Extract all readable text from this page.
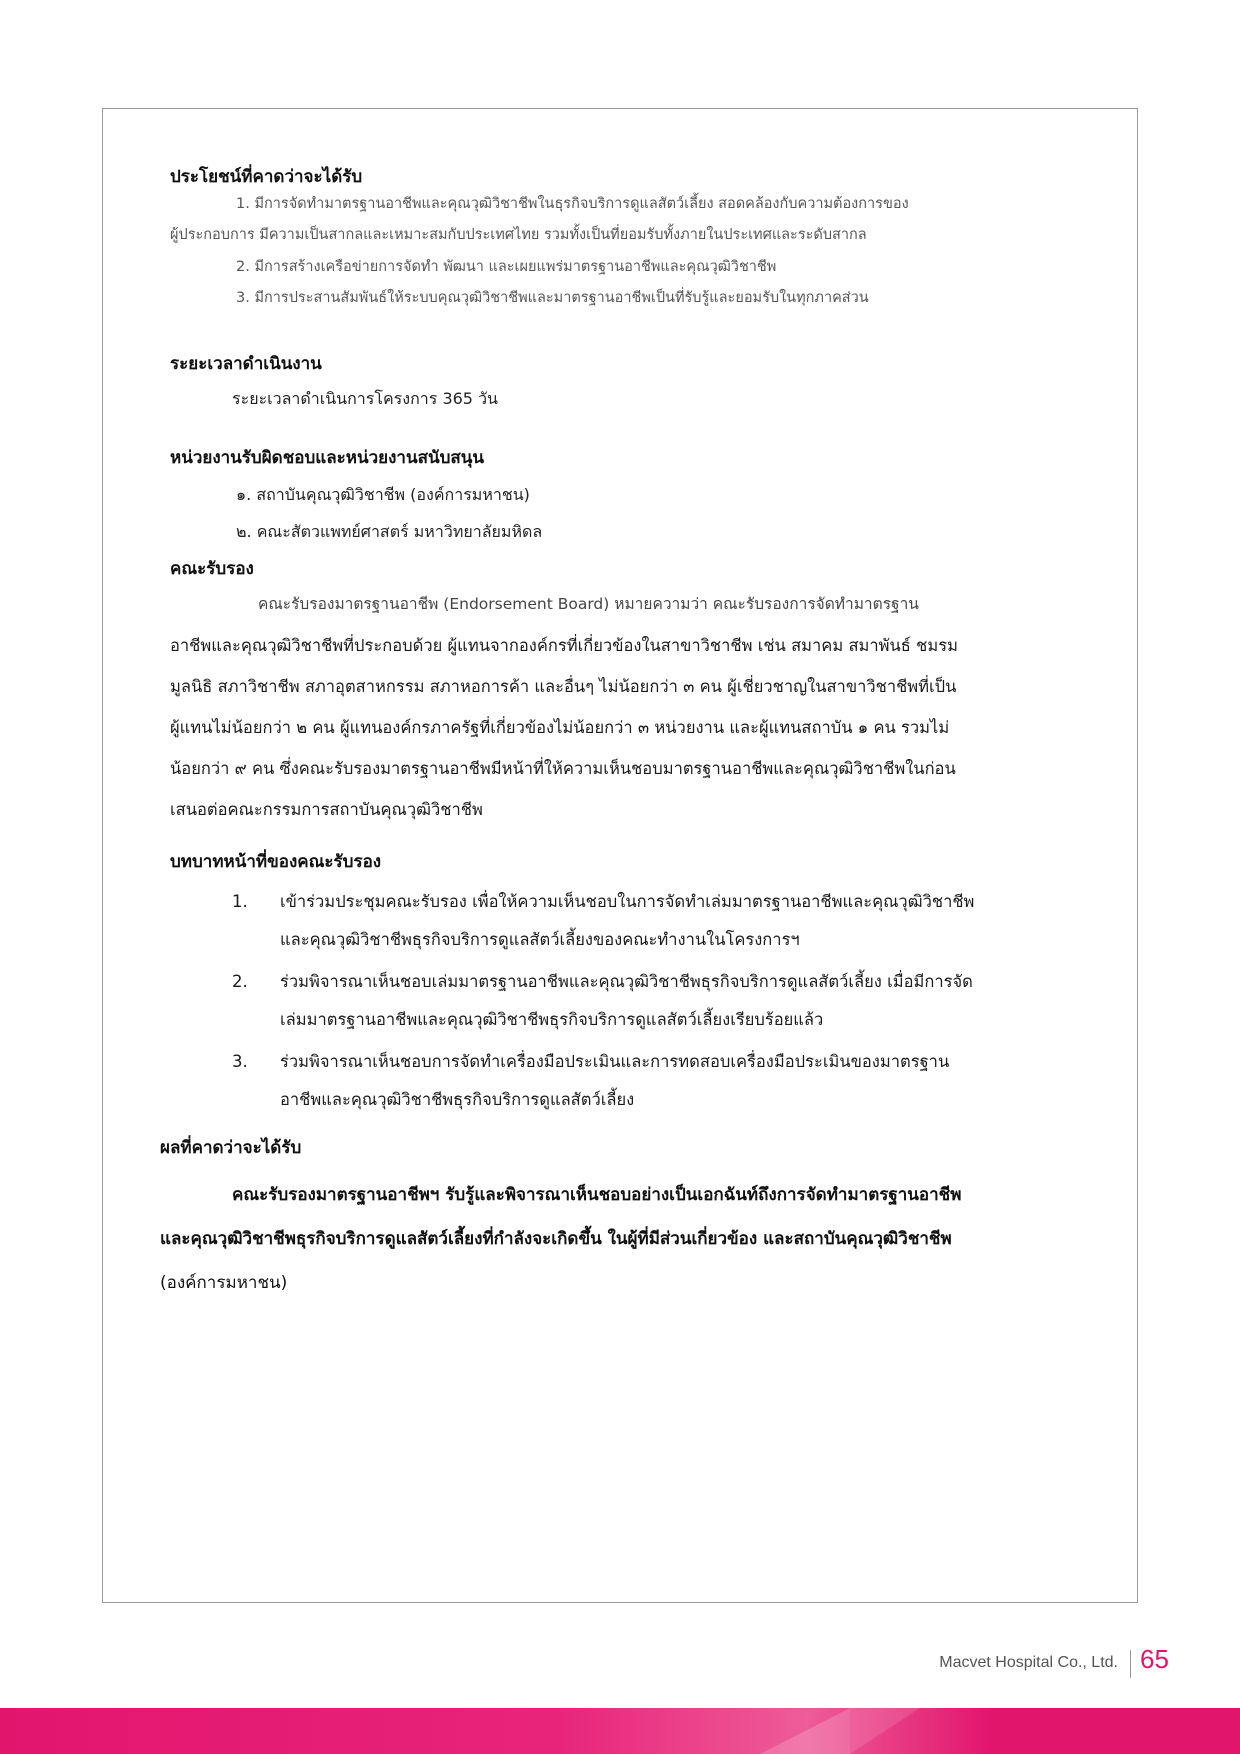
ประโยชน์ที่คาดว่าจะได้รับ
1. มีการจัดทำมาตรฐานอาชีพและคุณวุฒิวิชาชีพในธุรกิจบริการดูแลสัตว์เลี้ยง สอดคล้องกับความต้องการของ
ผู้ประกอบการ มีความเป็นสากลและเหมาะสมกับประเทศไทย รวมทั้งเป็นที่ยอมรับทั้งภายในประเทศและระดับสากล
2. มีการสร้างเครือข่ายการจัดทำ พัฒนา และเผยแพร่มาตรฐานอาชีพและคุณวุฒิวิชาชีพ
3. มีการประสานสัมพันธ์ให้ระบบคุณวุฒิวิชาชีพและมาตรฐานอาชีพเป็นที่รับรู้และยอมรับในทุกภาคส่วน
ระยะเวลาดำเนินงาน
ระยะเวลาดำเนินการโครงการ 365 วัน
หน่วยงานรับผิดชอบและหน่วยงานสนับสนุน
๑. สถาบันคุณวุฒิวิชาชีพ (องค์การมหาชน)
๒. คณะสัตวแพทย์ศาสตร์ มหาวิทยาลัยมหิดล
คณะรับรอง
คณะรับรองมาตรฐานอาชีพ (Endorsement Board) หมายความว่า คณะรับรองการจัดทำมาตรฐาน
อาชีพและคุณวุฒิวิชาชีพที่ประกอบด้วย ผู้แทนจากองค์กรที่เกี่ยวข้องในสาขาวิชาชีพ เช่น สมาคม สมาพันธ์ ชมรม
มูลนิธิ สภาวิชาชีพ สภาอุตสาหกรรม สภาหอการค้า และอื่นๆ ไม่น้อยกว่า ๓ คน ผู้เชี่ยวชาญในสาขาวิชาชีพที่เป็น
ผู้แทนไม่น้อยกว่า ๒ คน ผู้แทนองค์กรภาครัฐที่เกี่ยวข้องไม่น้อยกว่า ๓ หน่วยงาน และผู้แทนสถาบัน ๑ คน รวมไม่
น้อยกว่า ๙ คน ซึ่งคณะรับรองมาตรฐานอาชีพมีหน้าที่ให้ความเห็นชอบมาตรฐานอาชีพและคุณวุฒิวิชาชีพในก่อน
เสนอต่อคณะกรรมการสถาบันคุณวุฒิวิชาชีพ
บทบาทหน้าที่ของคณะรับรอง
1. เข้าร่วมประชุมคณะรับรอง เพื่อให้ความเห็นชอบในการจัดทำเล่มมาตรฐานอาชีพและคุณวุฒิวิชาชีพ
และคุณวุฒิวิชาชีพธุรกิจบริการดูแลสัตว์เลี้ยงของคณะทำงานในโครงการฯ
2. ร่วมพิจารณาเห็นชอบเล่มมาตรฐานอาชีพและคุณวุฒิวิชาชีพธุรกิจบริการดูแลสัตว์เลี้ยง เมื่อมีการจัด
เล่มมาตรฐานอาชีพและคุณวุฒิวิชาชีพธุรกิจบริการดูแลสัตว์เลี้ยงเรียบร้อยแล้ว
3. ร่วมพิจารณาเห็นชอบการจัดทำเครื่องมือประเมินและการทดสอบเครื่องมือประเมินของมาตรฐาน
อาชีพและคุณวุฒิวิชาชีพธุรกิจบริการดูแลสัตว์เลี้ยง
ผลที่คาดว่าจะได้รับ
คณะรับรองมาตรฐานอาชีพฯ รับรู้และพิจารณาเห็นชอบอย่างเป็นเอกฉันท์ถึงการจัดทำมาตรฐานอาชีพ
และคุณวุฒิวิชาชีพธุรกิจบริการดูแลสัตว์เลี้ยงที่กำลังจะเกิดขึ้น ในผู้ที่มีส่วนเกี่ยวข้อง และสถาบันคุณวุฒิวิชาชีพ
(องค์การมหาชน)
Macvet Hospital Co., Ltd. 65
